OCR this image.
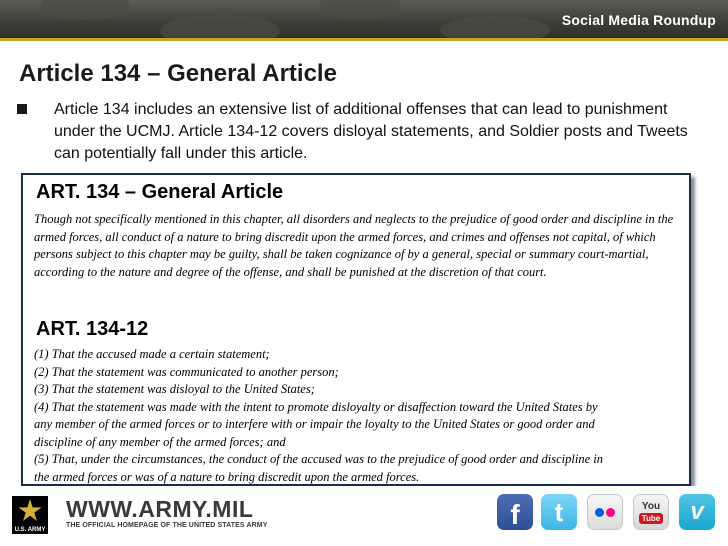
Social Media Roundup
Article 134 – General Article

Article 134 includes an extensive list of additional offenses that can lead to punishment under the UCMJ. Article 134-12 covers disloyal statements, and Soldier posts and Tweets can potentially fall under this article.

ART. 134 – General Article

Though not specifically mentioned in this chapter, all disorders and neglects to the prejudice of good order and discipline in the armed forces, all conduct of a nature to bring discredit upon the armed forces, and crimes and offenses not capital, of which persons subject to this chapter may be guilty, shall be taken cognizance of by a general, special or summary court-martial, according to the nature and degree of the offense, and shall be punished at the discretion of that court.

ART. 134-12
(1) That the accused made a certain statement;
(2) That the statement was communicated to another person;
(3) That the statement was disloyal to the United States;
(4) That the statement was made with the intent to promote disloyalty or disaffection toward the United States by
any member of the armed forces or to interfere with or impair the loyalty to the United States or good order and
discipline of any member of the armed forces; and
(5) That, under the circumstances, the conduct of the accused was to the prejudice of good order and discipline in
the armed forces or was of a nature to bring discredit upon the armed forces.
U.S. ARMY
WWW.ARMY.MIL
THE OFFICIAL HOMEPAGE OF THE UNITED STATES ARMY	f	t	You
Tube	v
